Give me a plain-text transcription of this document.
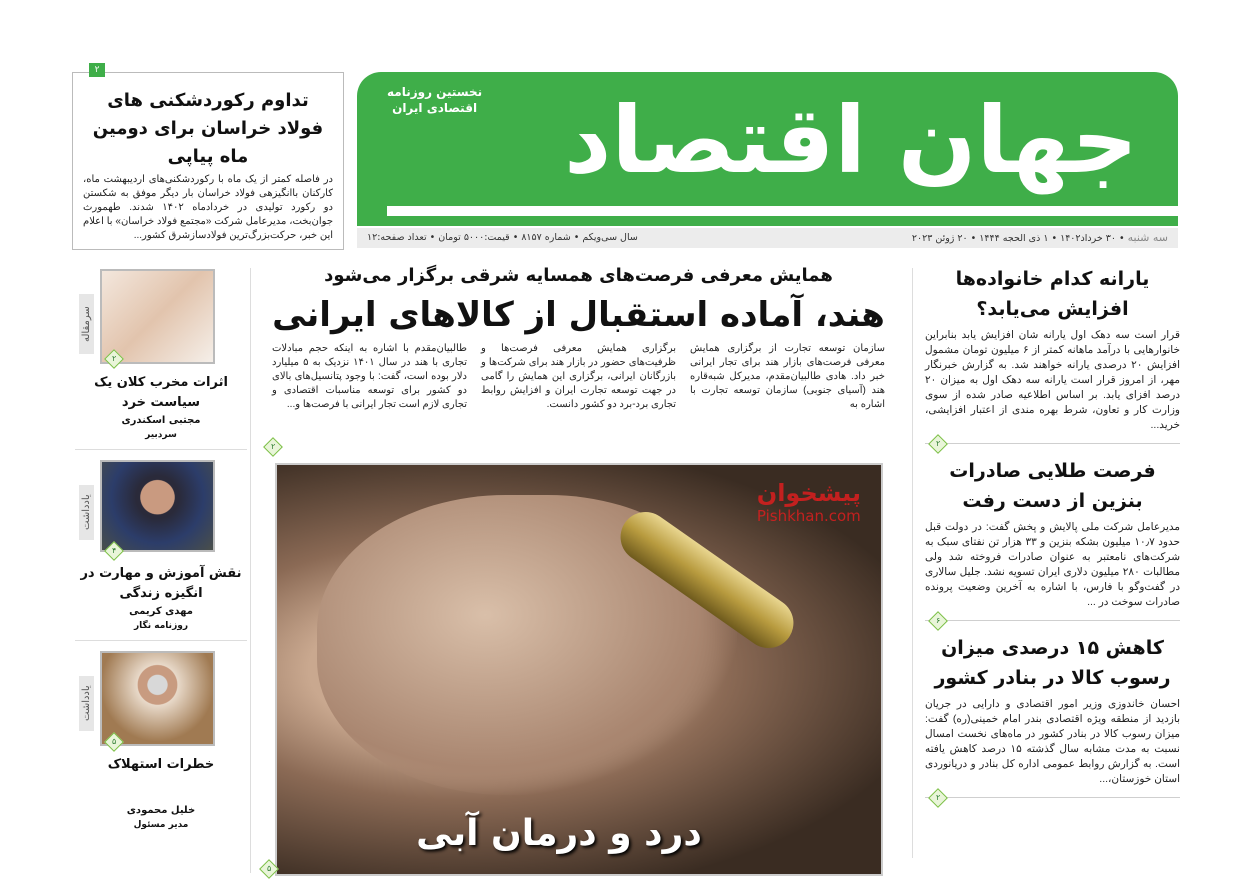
۲
تداوم رکوردشکنی های فولاد خراسان برای دومین ماه پیاپی

در فاصله کمتر از یک ماه با رکوردشکنی‌های اردیبهشت ماه، کارکنان باانگیزهی فولاد خراسان بار دیگر موفق به شکستن دو رکورد تولیدی در خردادماه ۱۴۰۲ شدند. طهمورث جوان‌بخت، مدیرعامل شرکت «مجتمع فولاد خراسان» با اعلام این خبر، حرکت‌بزرگ‌ترین فولادساز‌شرق کشور...

نخستین روزنامه
اقتصادی ایران جهان اقتصاد
سه شنبه • ۳۰ خرداد۱۴۰۲ • ۱ ذی الحجه ۱۴۴۴ • ۲۰ ژوئن ۲۰۲۳
سال سی‌ویکم • شماره ۸۱۵۷ • قیمت:۵۰۰۰ تومان • تعداد صفحه:۱۲
سرمقاله
۲
اثرات مخرب کلان یک سیاست خرد
مجتبی اسکندری
سردبیر
یادداشت
۴
نقش آموزش و مهارت در انگیزه زندگی
مهدی کریمی
روزنامه نگار
یادداشت
۵
خطرات استهلاک
خلیل محمودی
مدیر مسئول
همایش معرفی فرصت‌های همسایه شرقی برگزار می‌شود
هند، آماده استقبال از کالاهای ایرانی

سازمان توسعه تجارت از برگزاری همایش معرفی فرصت‌های بازار هند برای تجار ایرانی خبر داد. هادی طالبیان‌مقدم، مدیرکل شبه‌قاره هند (آسیای جنوبی) سازمان توسعه تجارت با اشاره به

برگزاری همایش معرفی فرصت‌ها و ظرفیت‌های حضور در بازار هند برای شرکت‌ها و بازرگانان ایرانی، برگزاری این همایش را گامی در جهت توسعه تجارت ایران و افزایش روابط تجاری برد-برد دو کشور دانست.

طالبیان‌مقدم با اشاره به اینکه حجم مبادلات تجاری با هند در سال ۱۴۰۱ نزدیک به ۵ میلیارد دلار بوده است، گفت: با وجود پتانسیل‌های بالای دو کشور برای توسعه مناسبات اقتصادی و تجاری لازم است تجار ایرانی با فرصت‌ها و...

۲
درد و درمان آبی
پیشخوان
Pishkhan.com
۵
یارانه کدام خانواده‌ها افزایش می‌یابد؟

قرار است سه دهک اول یارانه شان افزایش یابد بنابراین خانوارهایی با درآمد ماهانه کمتر از ۶ میلیون تومان مشمول افزایش ۲۰ درصدی یارانه خواهند شد. به گزارش خبرنگار مهر، از امروز قرار است یارانه سه دهک اول به میزان ۲۰ درصد افزای یابد. بر اساس اطلاعیه صادر شده از سوی وزارت کار و تعاون، شرط بهره مندی از اعتبار افزایشی، خرید...

۲
فرصت طلایی صادرات بنزین از دست رفت

مدیرعامل شرکت ملی پالایش و پخش گفت: در دولت قبل حدود ۱۰٫۷ میلیون بشکه بنزین و ۳۳ هزار تن نفتای سبک به شرکت‌های نامعتبر به عنوان صادرات فروخته شد ولی مطالبات ۲۸۰ میلیون دلاری ایران تسویه نشد. جلیل سالاری در گفت‌وگو با فارس، با اشاره به آخرین وضعیت پرونده صادرات سوخت در ...

۶
کاهش ۱۵ درصدی میزان رسوب کالا در بنادر کشور

احسان خاندوزی وزیر امور اقتصادی و دارایی در جریان بازدید از منطقه ویژه اقتصادی بندر امام خمینی(ره) گفت: میزان رسوب کالا در بنادر کشور در ماه‌های نخست امسال نسبت به مدت مشابه سال گذشته ۱۵ درصد کاهش یافته است. به گزارش روابط عمومی اداره کل بنادر و دریانوردی استان خوزستان،...

۲
